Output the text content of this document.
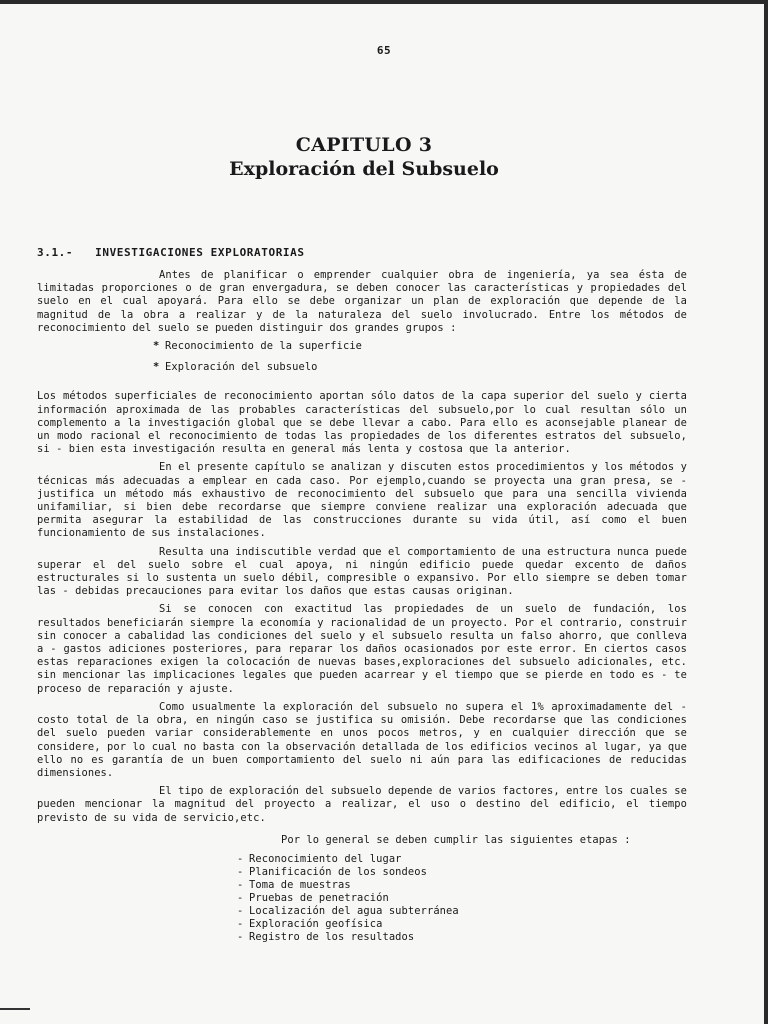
65
CAPITULO 3
Exploración del Subsuelo
3.1.- INVESTIGACIONES EXPLORATORIAS

Antes de planificar o emprender cualquier obra de ingeniería, ya sea ésta de limitadas proporciones o de gran envergadura, se deben conocer las características y propiedades del suelo en el cual apoyará. Para ello se debe organizar un plan de exploración que depende de la magnitud de la obra a realizar y de la naturaleza del suelo involucrado. Entre los métodos de reconocimiento del suelo se pueden distinguir dos grandes grupos :

* Reconocimiento de la superficie
* Exploración del subsuelo

Los métodos superficiales de reconocimiento aportan sólo datos de la capa superior del suelo y cierta información aproximada de las probables características del subsuelo,por lo cual resultan sólo un complemento a la investigación global que se debe llevar a cabo. Para ello es aconsejable planear de un modo racional el reconocimiento de todas las propiedades de los diferentes estratos del subsuelo, si - bien esta investigación resulta en general más lenta y costosa que la anterior.

En el presente capítulo se analizan y discuten estos procedimientos y los métodos y técnicas más adecuadas a emplear en cada caso. Por ejemplo,cuando se proyecta una gran presa, se - justifica un método más exhaustivo de reconocimiento del subsuelo que para una sencilla vivienda unifamiliar, si bien debe recordarse que siempre conviene realizar una exploración adecuada que permita asegurar la estabilidad de las construcciones durante su vida útil, así como el buen funcionamiento de sus instalaciones.

Resulta una indiscutible verdad que el comportamiento de una estructura nunca puede superar el del suelo sobre el cual apoya, ni ningún edificio puede quedar excento de daños estructurales si lo sustenta un suelo débil, compresible o expansivo. Por ello siempre se deben tomar las - debidas precauciones para evitar los daños que estas causas originan.

Si se conocen con exactitud las propiedades de un suelo de fundación, los resultados beneficiarán siempre la economía y racionalidad de un proyecto. Por el contrario, construir sin conocer a cabalidad las condiciones del suelo y el subsuelo resulta un falso ahorro, que conlleva a - gastos adiciones posteriores, para reparar los daños ocasionados por este error. En ciertos casos estas reparaciones exigen la colocación de nuevas bases,exploraciones del subsuelo adicionales, etc. sin mencionar las implicaciones legales que pueden acarrear y el tiempo que se pierde en todo es - te proceso de reparación y ajuste.

Como usualmente la exploración del subsuelo no supera el 1% aproximadamente del - costo total de la obra, en ningún caso se justifica su omisión. Debe recordarse que las condiciones del suelo pueden variar considerablemente en unos pocos metros, y en cualquier dirección que se considere, por lo cual no basta con la observación detallada de los edificios vecinos al lugar, ya que ello no es garantía de un buen comportamiento del suelo ni aún para las edificaciones de reducidas dimensiones.

El tipo de exploración del subsuelo depende de varios factores, entre los cuales se pueden mencionar la magnitud del proyecto a realizar, el uso o destino del edificio, el tiempo previsto de su vida de servicio,etc.

Por lo general se deben cumplir las siguientes etapas :

- Reconocimiento del lugar
- Planificación de los sondeos
- Toma de muestras
- Pruebas de penetración
- Localización del agua subterránea
- Exploración geofísica
- Registro de los resultados
